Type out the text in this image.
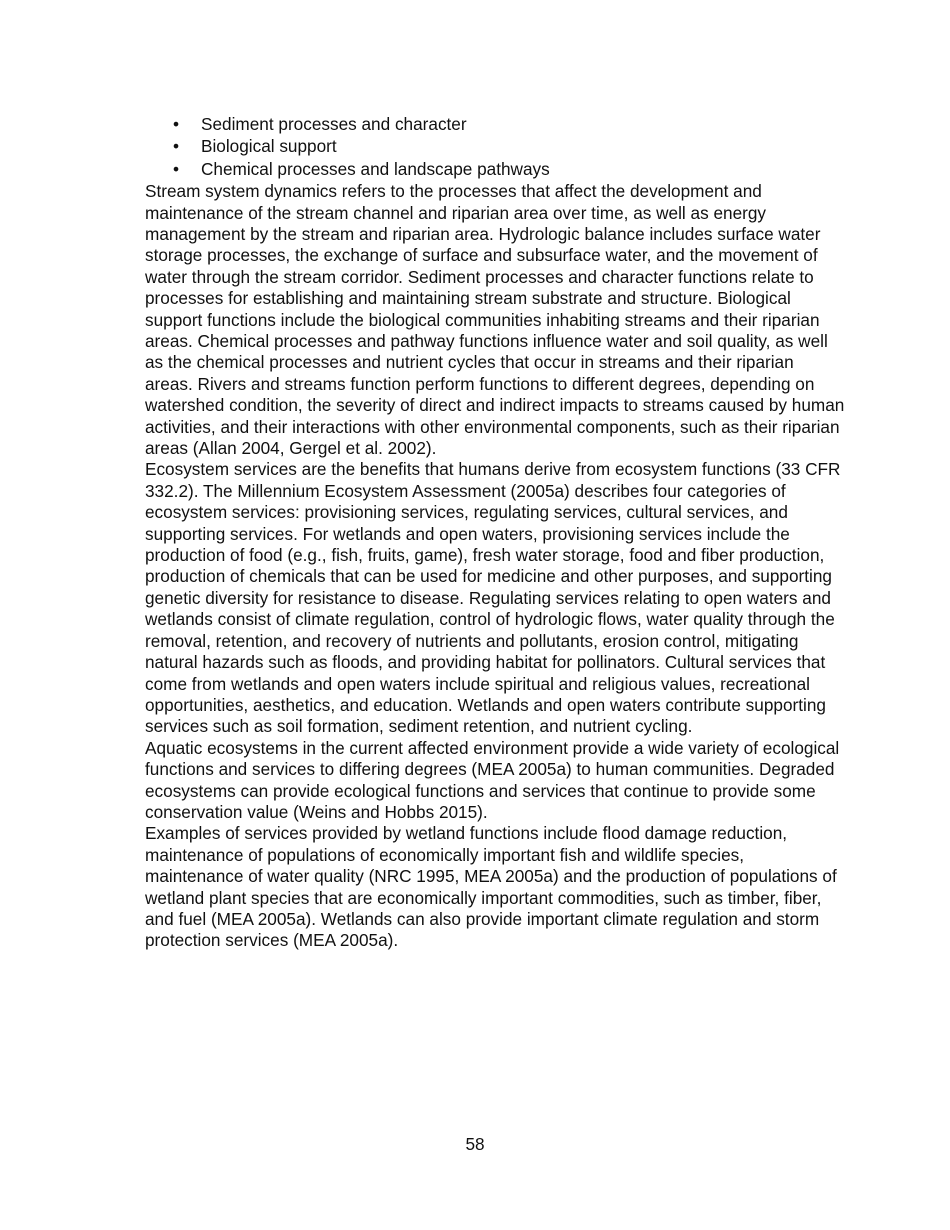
• Sediment processes and character
• Biological support
• Chemical processes and landscape pathways

Stream system dynamics refers to the processes that affect the development and maintenance of the stream channel and riparian area over time, as well as energy management by the stream and riparian area. Hydrologic balance includes surface water storage processes, the exchange of surface and subsurface water, and the movement of water through the stream corridor. Sediment processes and character functions relate to processes for establishing and maintaining stream substrate and structure. Biological support functions include the biological communities inhabiting streams and their riparian areas. Chemical processes and pathway functions influence water and soil quality, as well as the chemical processes and nutrient cycles that occur in streams and their riparian areas. Rivers and streams function perform functions to different degrees, depending on watershed condition, the severity of direct and indirect impacts to streams caused by human activities, and their interactions with other environmental components, such as their riparian areas (Allan 2004, Gergel et al. 2002).

Ecosystem services are the benefits that humans derive from ecosystem functions (33 CFR 332.2). The Millennium Ecosystem Assessment (2005a) describes four categories of ecosystem services: provisioning services, regulating services, cultural services, and supporting services. For wetlands and open waters, provisioning services include the production of food (e.g., fish, fruits, game), fresh water storage, food and fiber production, production of chemicals that can be used for medicine and other purposes, and supporting genetic diversity for resistance to disease. Regulating services relating to open waters and wetlands consist of climate regulation, control of hydrologic flows, water quality through the removal, retention, and recovery of nutrients and pollutants, erosion control, mitigating natural hazards such as floods, and providing habitat for pollinators. Cultural services that come from wetlands and open waters include spiritual and religious values, recreational opportunities, aesthetics, and education. Wetlands and open waters contribute supporting services such as soil formation, sediment retention, and nutrient cycling.

Aquatic ecosystems in the current affected environment provide a wide variety of ecological functions and services to differing degrees (MEA 2005a) to human communities. Degraded ecosystems can provide ecological functions and services that continue to provide some conservation value (Weins and Hobbs 2015).

Examples of services provided by wetland functions include flood damage reduction, maintenance of populations of economically important fish and wildlife species, maintenance of water quality (NRC 1995, MEA 2005a) and the production of populations of wetland plant species that are economically important commodities, such as timber, fiber, and fuel (MEA 2005a). Wetlands can also provide important climate regulation and storm protection services (MEA 2005a).

58
